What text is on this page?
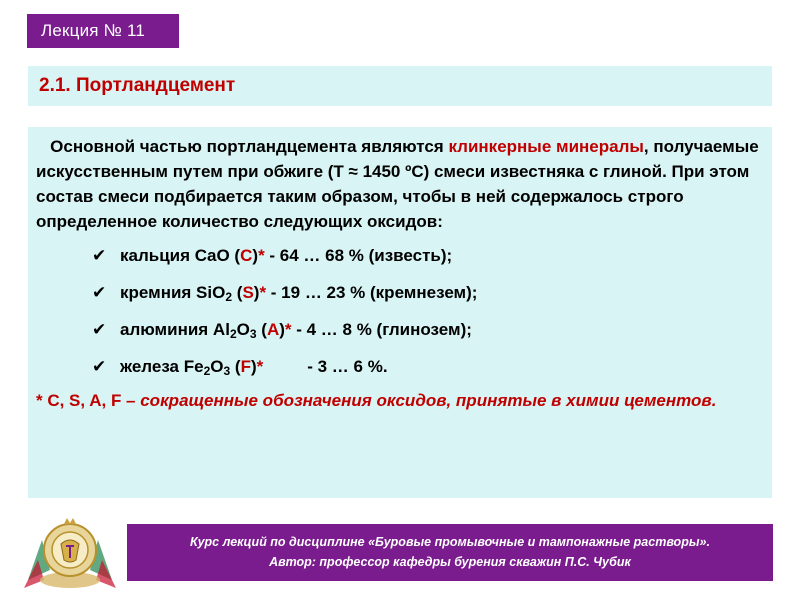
Лекция № 11
2.1. Портландцемент

Основной частью портландцемента являются клинкерные минералы, получаемые искусственным путем при обжиге (Т ≈ 1450 ºС) смеси известняка с глиной. При этом состав смеси подбирается таким образом, чтобы в ней содержалось строго определенное количество следующих оксидов:

✔ кальция CaO (C)* - 64 … 68 % (известь);
✔ кремния SiO$_2$ (S)* - 19 … 23 % (кремнезем);
✔ алюминия $Al_2O_3$ (A)* - 4 … 8 % (глинозем);
✔ железа $Fe_2O_3$ (F)*	- 3 … 6 %.

* C, S, A, F – сокращенные обозначения оксидов, принятые в химии цементов.

Курс лекций по дисциплине «Буровые промывочные и тампонажные растворы».
Автор: профессор кафедры бурения скважин П.С. Чубик
